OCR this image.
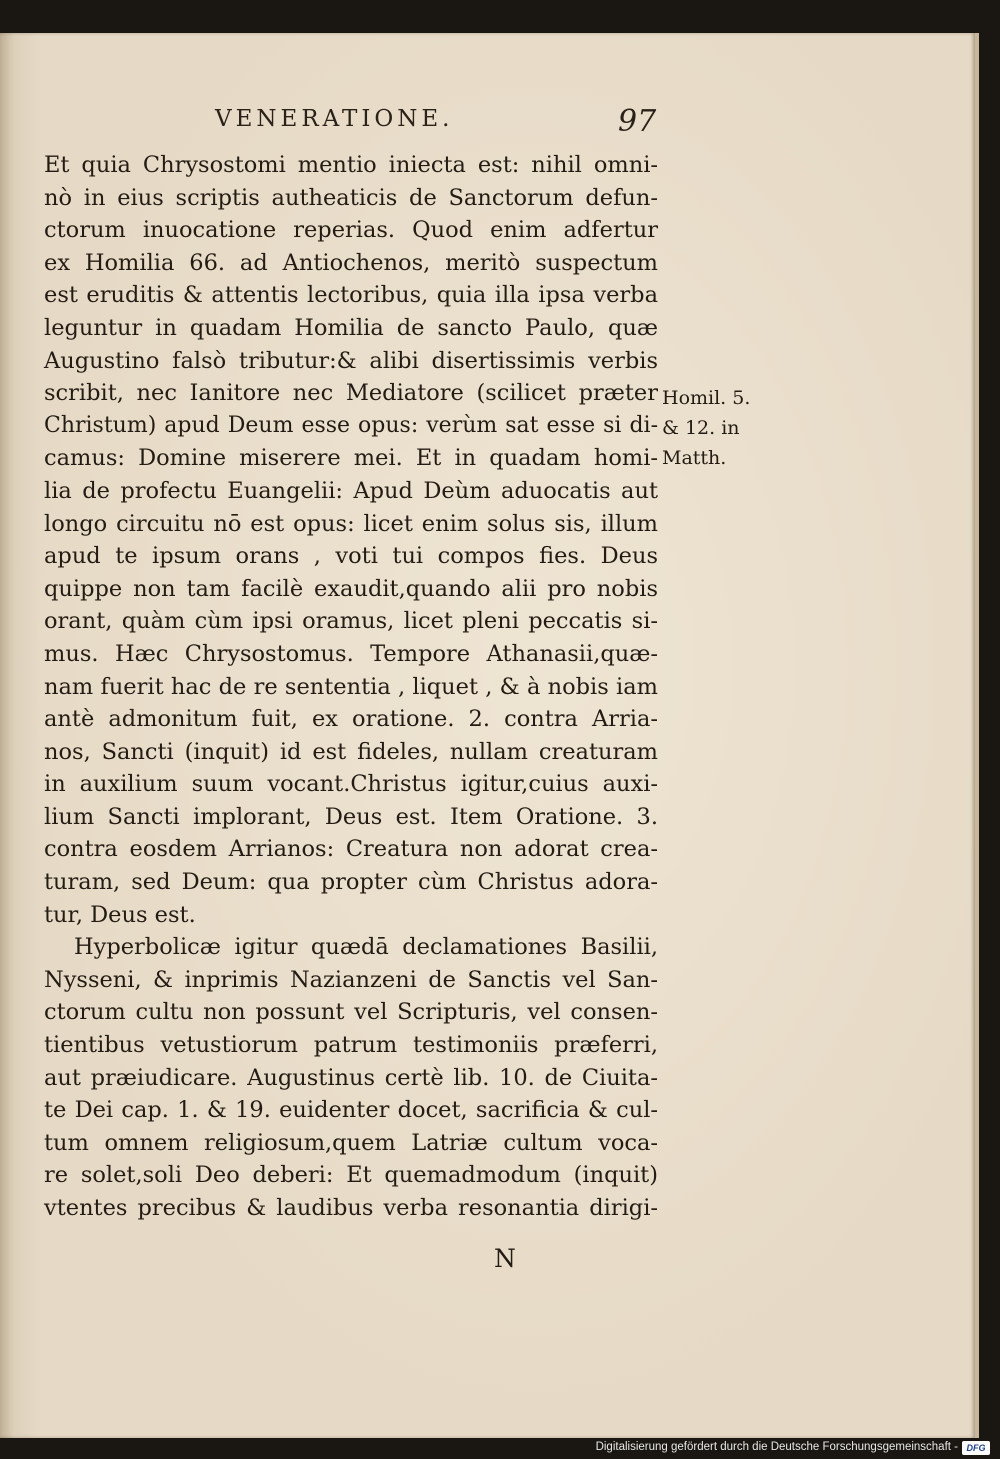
VENERATIONE.	97
Et quia Chrysostomi mentio iniecta est: nihil omni-
nò in eius scriptis autheaticis de Sanctorum defun-
ctorum inuocatione reperias. Quod enim adfertur
ex Homilia 66. ad Antiochenos, meritò suspectum
est eruditis & attentis lectoribus, quia illa ipsa verba
leguntur in quadam Homilia de sancto Paulo, quæ
Augustino falsò tributur:& alibi disertissimis verbis
scribit, nec Ianitore nec Mediatore (scilicet præter
Christum) apud Deum esse opus: verùm sat esse si di-
camus: Domine miserere mei. Et in quadam homi-
lia de profectu Euangelii: Apud Deùm aduocatis aut
longo circuitu nō est opus: licet enim solus sis, illum
apud te ipsum orans , voti tui compos fies. Deus
quippe non tam facilè exaudit,quando alii pro nobis
orant, quàm cùm ipsi oramus, licet pleni peccatis si-
mus. Hæc Chrysostomus. Tempore Athanasii,quæ-
nam fuerit hac de re sententia , liquet , & à nobis iam
antè admonitum fuit, ex oratione. 2. contra Arria-
nos, Sancti (inquit) id est fideles, nullam creaturam
in auxilium suum vocant.Christus igitur,cuius auxi-
lium Sancti implorant, Deus est. Item Oratione. 3.
contra eosdem Arrianos: Creatura non adorat crea-
turam, sed Deum: qua propter cùm Christus adora-
tur, Deus est.
Hyperbolicæ igitur quædā declamationes Basilii,
Nysseni, & inprimis Nazianzeni de Sanctis vel San-
ctorum cultu non possunt vel Scripturis, vel consen-
tientibus vetustiorum patrum testimoniis præferri,
aut præiudicare. Augustinus certè lib. 10. de Ciuita-
te Dei cap. 1. & 19. euidenter docet, sacrificia & cul-
tum omnem religiosum,quem Latriæ cultum voca-
re solet,soli Deo deberi: Et quemadmodum (inquit)
vtentes precibus & laudibus verba resonantia dirigi-
Homil. 5.
& 12. in
Matth.
N
Digitalisierung gefördert durch die Deutsche Forschungsgemeinschaft - DFG
